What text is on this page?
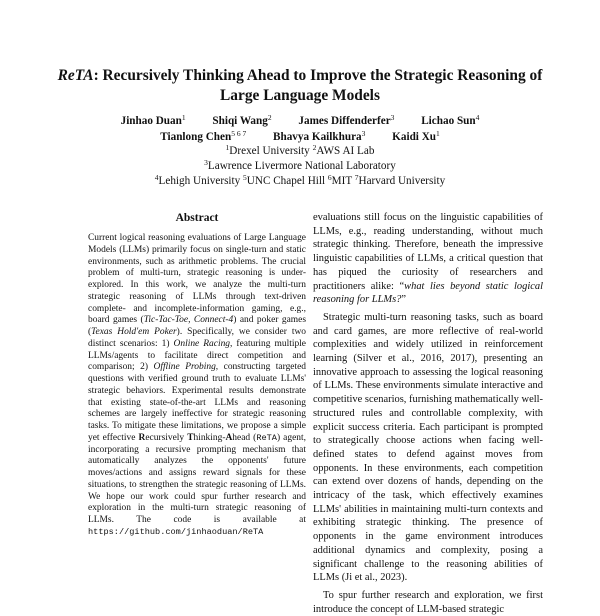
ReTA: Recursively Thinking Ahead to Improve the Strategic Reasoning of
Large Language Models
Jinhao Duan$^1$ Shiqi Wang$^2$ James Diffenderfer$^3$ Lichao Sun$^4$
Tianlong Chen$^{5 6 7}$ Bhavya Kailkhura$^3$ Kaidi Xu$^1$
$^1$Drexel University $^2$AWS AI Lab
$^3$Lawrence Livermore National Laboratory
$^4$Lehigh University $^5$UNC Chapel Hill $^6$MIT $^7$Harvard University
Abstract
Current logical reasoning evaluations of Large Language Models (LLMs) primarily focus on single-turn and static environments, such as arithmetic problems. The crucial problem of multi-turn, strategic reasoning is under-explored. In this work, we analyze the multi-turn strategic reasoning of LLMs through text-driven complete- and incomplete-information gaming, e.g., board games (Tic-Tac-Toe, Connect-4) and poker games (Texas Hold'em Poker). Specifically, we consider two distinct scenarios: 1) Online Racing, featuring multiple LLMs/agents to facilitate direct competition and comparison; 2) Offline Probing, constructing targeted questions with verified ground truth to evaluate LLMs' strategic behaviors. Experimental results demonstrate that existing state-of-the-art LLMs and reasoning schemes are largely ineffective for strategic reasoning tasks. To mitigate these limitations, we propose a simple yet effective Recursively Thinking-Ahead (ReTA) agent, incorporating a recursive prompting mechanism that automatically analyzes the opponents' future moves/actions and assigns reward signals for these situations, to strengthen the strategic reasoning of LLMs. We hope our work could spur further research and exploration in the multi-turn strategic reasoning of LLMs. The code is available at https://github.com/jinhaoduan/ReTA

evaluations still focus on the linguistic capabilities of LLMs, e.g., reading understanding, without much strategic thinking. Therefore, beneath the impressive linguistic capabilities of LLMs, a critical question that has piqued the curiosity of researchers and practitioners alike: “what lies beyond static logical reasoning for LLMs?”

Strategic multi-turn reasoning tasks, such as board and card games, are more reflective of real-world complexities and widely utilized in reinforcement learning (Silver et al., 2016, 2017), presenting an innovative approach to assessing the logical reasoning of LLMs. These environments simulate interactive and competitive scenarios, furnishing mathematically well-structured rules and controllable complexity, with explicit success criteria. Each participant is prompted to strategically choose actions when facing well-defined states to defend against moves from opponents. In these environments, each competition can extend over dozens of hands, depending on the intricacy of the task, which effectively examines LLMs' abilities in maintaining multi-turn contexts and exhibiting strategic thinking. The presence of opponents in the game environment introduces additional dynamics and complexity, posing a significant challenge to the reasoning abilities of LLMs (Ji et al., 2023).

To spur further research and exploration, we first introduce the concept of LLM-based strategic
